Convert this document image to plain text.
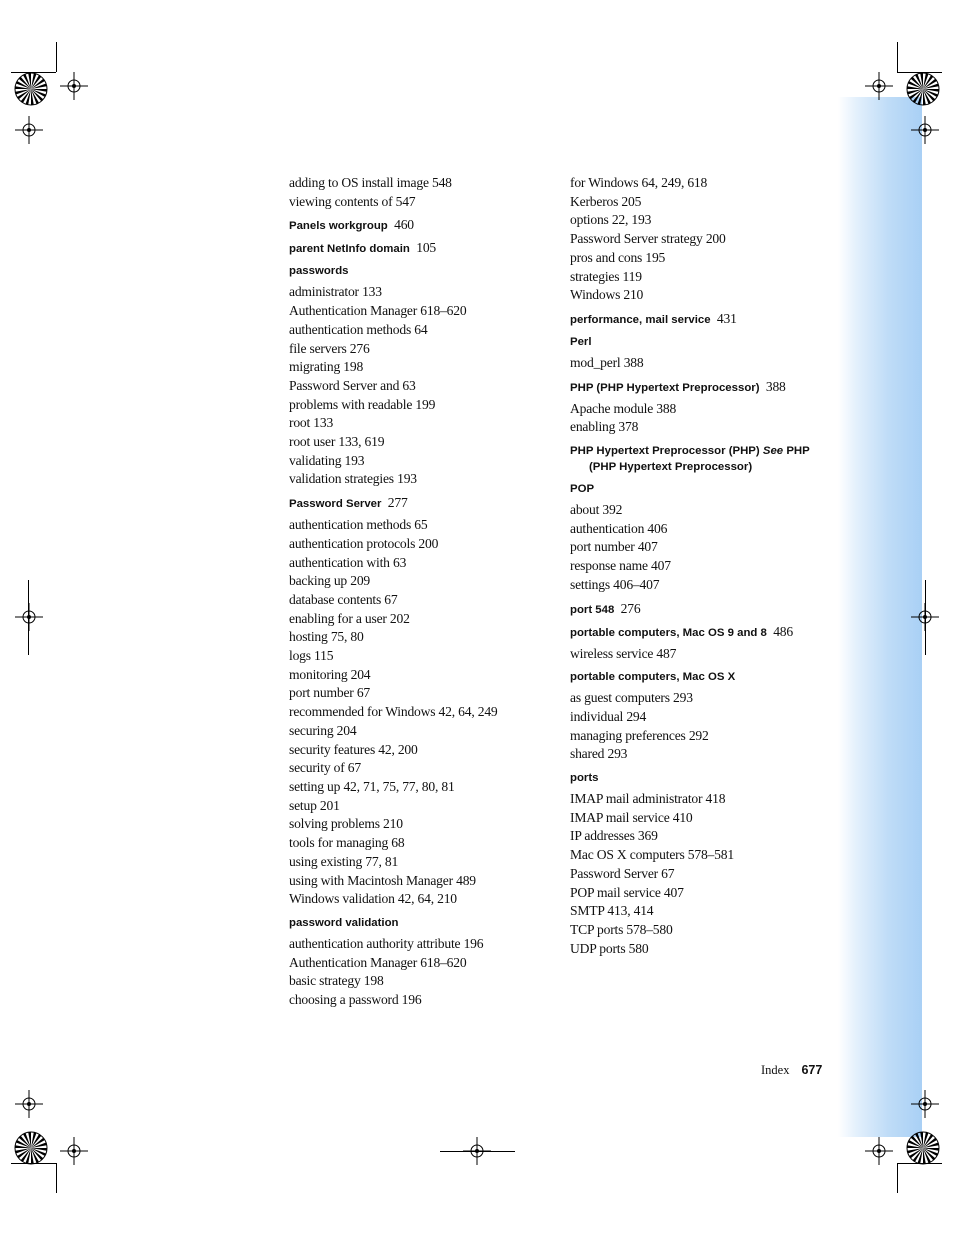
adding to OS install image 548

viewing contents of 547

Panels workgroup 460

parent NetInfo domain 105

passwords

administrator 133

Authentication Manager 618–620

authentication methods 64

file servers 276

migrating 198

Password Server and 63

problems with readable 199

root 133

root user 133, 619

validating 193

validation strategies 193

Password Server 277

authentication methods 65

authentication protocols 200

authentication with 63

backing up 209

database contents 67

enabling for a user 202

hosting 75, 80

logs 115

monitoring 204

port number 67

recommended for Windows 42, 64, 249

securing 204

security features 42, 200

security of 67

setting up 42, 71, 75, 77, 80, 81

setup 201

solving problems 210

tools for managing 68

using existing 77, 81

using with Macintosh Manager 489

Windows validation 42, 64, 210

password validation

authentication authority attribute 196

Authentication Manager 618–620

basic strategy 198

choosing a password 196

for Windows 64, 249, 618

Kerberos 205

options 22, 193

Password Server strategy 200

pros and cons 195

strategies 119

Windows 210

performance, mail service 431

Perl

mod_perl 388

PHP (PHP Hypertext Preprocessor) 388

Apache module 388

enabling 378

PHP Hypertext Preprocessor (PHP) See PHP (PHP Hypertext Preprocessor)

POP

about 392

authentication 406

port number 407

response name 407

settings 406–407

port 548 276

portable computers, Mac OS 9 and 8 486

wireless service 487

portable computers, Mac OS X

as guest computers 293

individual 294

managing preferences 292

shared 293

ports

IMAP mail administrator 418

IMAP mail service 410

IP addresses 369

Mac OS X computers 578–581

Password Server 67

POP mail service 407

SMTP 413, 414

TCP ports 578–580

UDP ports 580

Index 677
